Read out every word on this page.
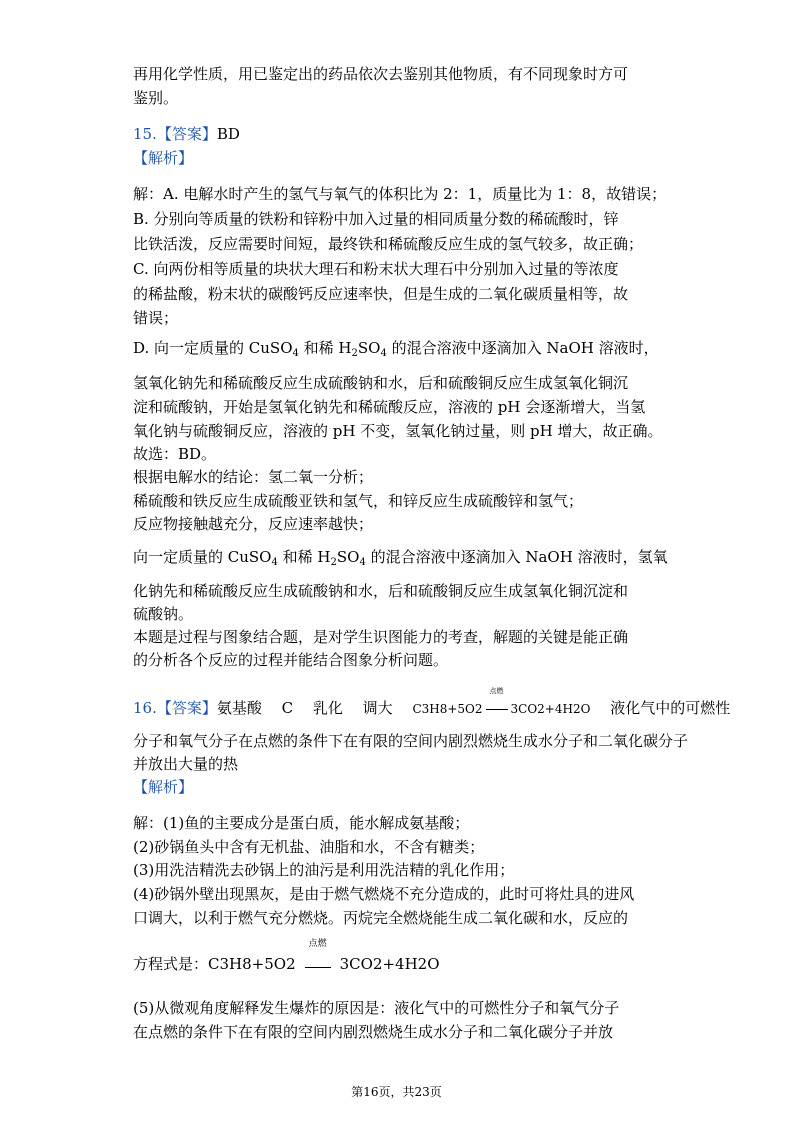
再用化学性质，用已鉴定出的药品依次去鉴别其他物质，有不同现象时方可
鉴别。
15.【答案】BD
【解析】
解：A. 电解水时产生的氢气与氧气的体积比为 2：1，质量比为 1：8，故错误；
B. 分别向等质量的铁粉和锌粉中加入过量的相同质量分数的稀硫酸时，锌
比铁活泼，反应需要时间短，最终铁和稀硫酸反应生成的氢气较多，故正确；
C. 向两份相等质量的块状大理石和粉末状大理石中分别加入过量的等浓度
的稀盐酸，粉末状的碳酸钙反应速率快，但是生成的二氧化碳质量相等，故
错误；
D. 向一定质量的 CuSO$_4$ 和稀 $H_2SO_4$ 的混合溶液中逐滴加入 NaOH 溶液时，
氢氧化钠先和稀硫酸反应生成硫酸钠和水，后和硫酸铜反应生成氢氧化铜沉
淀和硫酸钠，开始是氢氧化钠先和稀硫酸反应，溶液的 pH 会逐渐增大，当氢
氧化钠与硫酸铜反应，溶液的 pH 不变，氢氧化钠过量，则 pH 增大，故正确。
故选：BD。
根据电解水的结论：氢二氧一分析；
稀硫酸和铁反应生成硫酸亚铁和氢气，和锌反应生成硫酸锌和氢气；
反应物接触越充分，反应速率越快；
向一定质量的 CuSO$_4$ 和稀 $H_2SO_4$ 的混合溶液中逐滴加入 NaOH 溶液时，氢氧
化钠先和稀硫酸反应生成硫酸钠和水，后和硫酸铜反应生成氢氧化铜沉淀和
硫酸钠。
本题是过程与图象结合题，是对学生识图能力的考查，解题的关键是能正确
的分析各个反应的过程并能结合图象分析问题。
16.【答案】氨基酸　 C　 乳化　 调大　 C3H8+5O2
点燃
3CO2+4H2O　 液化气中的可燃性
分子和氧气分子在点燃的条件下在有限的空间内剧烈燃烧生成水分子和二氧化碳分子
并放出大量的热
【解析】
解：(1)鱼的主要成分是蛋白质，能水解成氨基酸；
(2)砂锅鱼头中含有无机盐、油脂和水，不含有糖类；
(3)用洗洁精洗去砂锅上的油污是利用洗洁精的乳化作用；
(4)砂锅外壁出现黑灰，是由于燃气燃烧不充分造成的，此时可将灶具的进风
口调大，以利于燃气充分燃烧。丙烷完全燃烧能生成二氧化碳和水，反应的
方程式是：C3H8+5O2
点燃
3CO2+4H2O
(5)从微观角度解释发生爆炸的原因是：液化气中的可燃性分子和氧气分子
在点燃的条件下在有限的空间内剧烈燃烧生成水分子和二氧化碳分子并放
第16页，共23页
